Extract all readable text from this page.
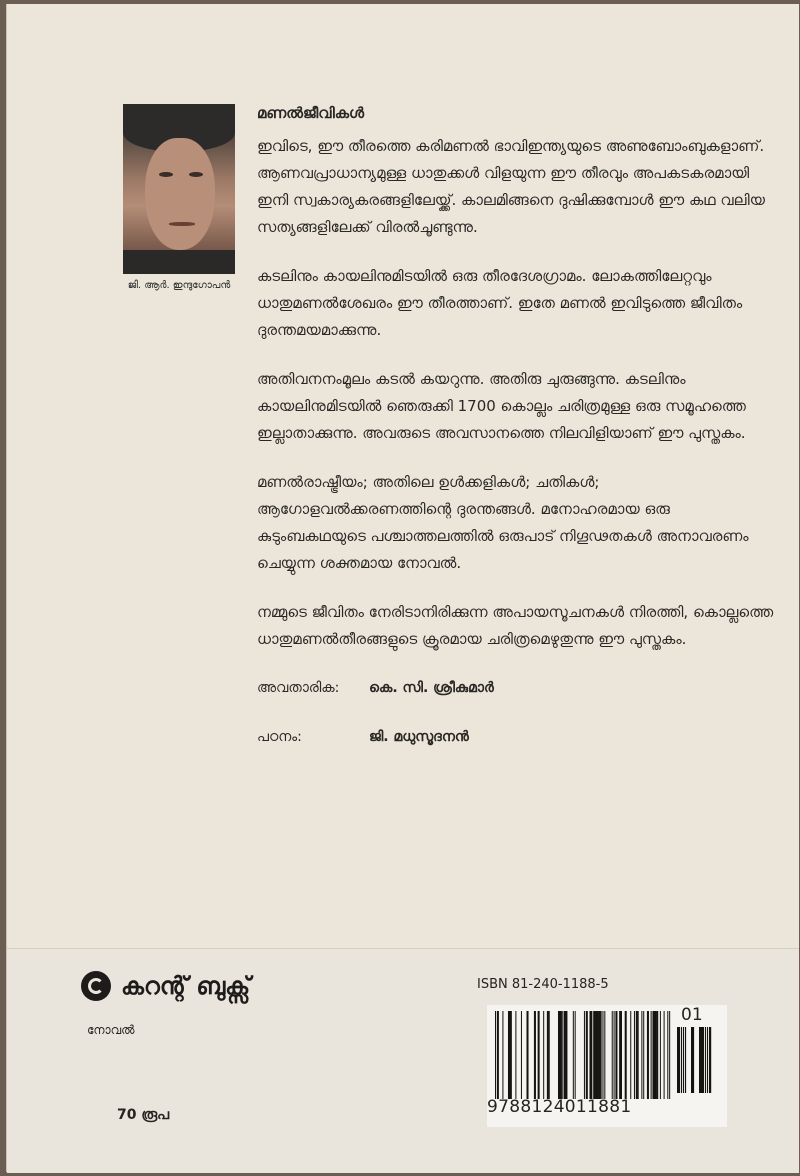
ജി. ആർ. ഇന്ദുഗോപൻ
മണൽജീവികൾ

ഇവിടെ, ഈ തീരത്തെ കരിമണൽ ഭാവിഇന്ത്യയുടെ അണുബോംബുകളാണ്. ആണവപ്രാധാന്യമുള്ള ധാതുക്കൾ വിളയുന്ന ഈ തീരവും അപകടകരമായി ഇനി സ്വകാര്യകരങ്ങളിലേയ്ക്ക്. കാലമിങ്ങനെ ദുഷിക്കുമ്പോൾ ഈ കഥ വലിയ സത്യങ്ങളിലേക്ക് വിരൽചൂണ്ടുന്നു.

കടലിനും കായലിനുമിടയിൽ ഒരു തീരദേശഗ്രാമം. ലോകത്തിലേറ്റവും ധാതുമണൽശേഖരം ഈ തീരത്താണ്. ഇതേ മണൽ ഇവിടുത്തെ ജീവിതം ദുരന്തമയമാക്കുന്നു.

അതിവനനംമൂലം കടൽ കയറുന്നു. അതിരു ചുരുങ്ങുന്നു. കടലിനും കായലിനുമിടയിൽ ഞെരുക്കി 1700 കൊല്ലം ചരിത്രമുള്ള ഒരു സമൂഹത്തെ ഇല്ലാതാക്കുന്നു. അവരുടെ അവസാനത്തെ നിലവിളിയാണ് ഈ പുസ്തകം.

മണൽരാഷ്ട്രീയം; അതിലെ ഉൾക്കളികൾ; ചതികൾ; ആഗോളവൽക്കരണത്തിന്റെ ദുരന്തങ്ങൾ. മനോഹരമായ ഒരു കുടുംബകഥയുടെ പശ്ചാത്തലത്തിൽ ഒരുപാട് നിഗൂഢതകൾ അനാവരണം ചെയ്യുന്ന ശക്തമായ നോവൽ.

നമ്മുടെ ജീവിതം നേരിടാനിരിക്കുന്ന അപായസൂചനകൾ നിരത്തി, കൊല്ലത്തെ ധാതുമണൽതീരങ്ങളുടെ ക്രൂരമായ ചരിത്രമെഴുതുന്നു ഈ പുസ്തകം.

അവതാരിക:	കെ. സി. ശ്രീകുമാർ
പഠനം:	ജി. മധുസൂദനൻ
കറന്റ് ബുക്സ്
നോവൽ
70 രൂപ
ISBN 81-240-1188-5
9788124011881
01
